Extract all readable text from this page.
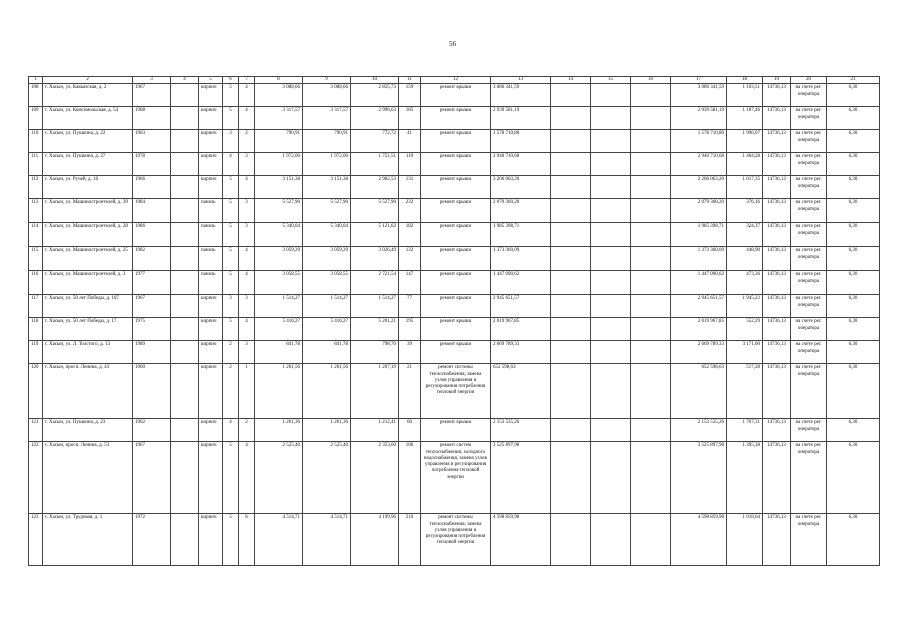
56
1	2	3	4	5	6	7	8	9	10	11	12	13	14	15	16	17	18	19	20	21
108	г. Хасын, ул. Кавказская, д. 2	1967		кирпич	5	4	3 088,66	3 088,66	2 855,73	159	ремонт крыши	3 086 341,59				3 086 341,59	1 103,51	14736,13	на счете рег. оператора	6,30
109	г. Хасын, ул. Комсомольская, д. 54	1968		кирпич	5	4	3 317,57	3 317,57	2 996,63	185	ремонт крыши	2 939 581,19				2 939 581,19	1 187,46	14736,13	на счете рег. оператора	6,30
110	г. Хасын, ул. Пушкина, д. 22	1963		кирпич	3	2	790,91	790,91	772,72	41	ремонт крыши	1 578 710,80				1 578 710,80	1 996,07	14736,13	на счете рег. оператора	6,30
111	г. Хасын, ул. Пушкина, д. 27	1978		кирпич	4	3	1 972,00	1 972,00	1 751,51	110	ремонт крыши	2 940 710,68				2 940 710,68	1 464,28	14736,13	на счете рег. оператора	6,30
112	г. Хасын, ул. Ручей, д. 10	1966		кирпич	5	4	3 151,38	3 151,38	2 982,53	131	ремонт крыши	3 206 063,20				3 206 063,20	1 017,35	14736,13	на счете рег. оператора	6,30
113	г. Хасын, ул. Машиностроителей, д. 39	1984		панель	5	3	5 527,90	5 527,90	5 527,90	232	ремонт крыши	2 079 360,20				2 079 360,20	376,16	14736,13	на счете рег. оператора	6,30
114	г. Хасын, ул. Машиностроителей, д. 28	1986		панель	5	3	5 340,04	5 340,04	5 121,62	182	ремонт крыши	1 985 398,71				1 985 398,71	324,37	14736,13	на счете рег. оператора	6,30
115	г. Хасын, ул. Машиностроителей, д. 25	1982		панель	5	4	3 059,29	3 059,29	3 026,49	132	ремонт крыши	1 373 360,09				1 373 360,09	448,90	14736,13	на счете рег. оператора	6,30
116	г. Хасын, ул. Машиностроителей, д. 3	1977		панель	5	4	3 058,55	3 058,55	2 721,54	147	ремонт крыши	1 447 090,62				1 447 090,62	473,36	14736,13	на счете рег. оператора	6,30
117	г. Хасын, ул. 50 лет Победы, д. 107	1967		кирпич	3	3	1 514,27	1 514,27	1 514,27	77	ремонт крыши	2 945 651,57				2 945 651,57	1 945,22	14736,13	на счете рег. оператора	6,30
118	г. Хасын, ул. 50 лет Победы, д. 17	1975		кирпич	5	4	5 410,27	5 410,27	5 201,21	195	ремонт крыши	2 019 967,85				2 019 967,85	552,29	14736,13	на счете рег. оператора	6,30
119	г. Хасын, ул. Л. Толстого, д. 13	1989		кирпич	2	3	841,78	841,78	798,70	39	ремонт крыши	2 669 789,33				2 669 789,33	3 171,60	14736,13	на счете рег. оператора	6,30
120	г. Хасын, просп. Ленина, д. 43	1960		кирпич	2	1	1 261,56	1 261,56	1 207,19	21	ремонт системы теплоснабжения, замена узлов управления и регулирования потребления тепловой энергии	652 598,63				652 598,63	517,28	14736,13	на счете рег. оператора	6,30
121	г. Хасын, ул. Пушкина, д. 23	1962		кирпич	4	2	1 261,36	1 261,36	1 212,41	60	ремонт крыши	2 153 535,26				2 153 535,26	1 707,31	14736,13	на счете рег. оператора	6,30
122	г. Хасын, просп. Ленина, д. 53	1967		кирпич	5	4	2 525,40	2 525,40	2 353,60	106	ремонт систем теплоснабжения, холодного водоснабжения, замена узлов управления и регулирования потребления тепловой энергии	3 525 897,98				3 525 897,98	1 395,38	14736,13	на счете рег. оператора	6,30
123	г. Хасын, ул. Трудовая, д. 1	1972		кирпич	5	6	4 514,71	4 514,71	4 199,96	210	ремонт системы теплоснабжения, замена узлов управления и регулирования потребления тепловой энергии	4 598 859,98				4 598 859,98	1 018,64	14736,13	на счете рег. оператора	6,30
